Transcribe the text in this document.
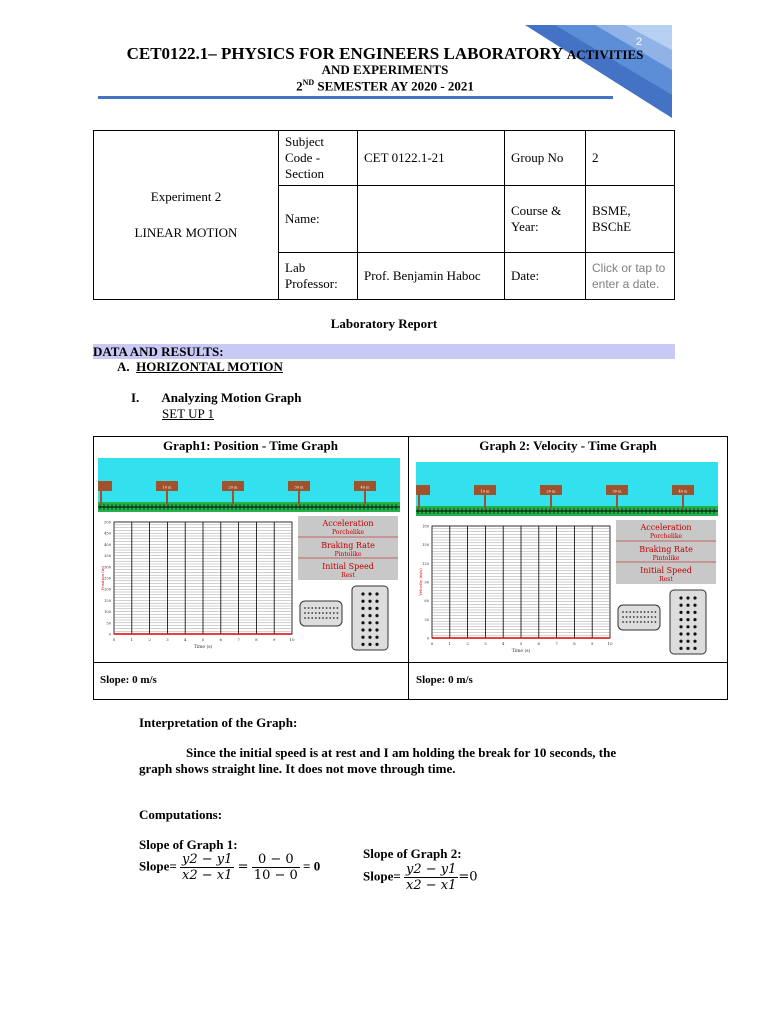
2
CET0122.1– PHYSICS FOR ENGINEERS LABORATORY ACTIVITIES
AND EXPERIMENTS
2ND SEMESTER AY 2020 - 2021
Experiment 2
LINEAR MOTION	Subject Code - Section	CET 0122.1-21	Group No	2
	Name:		Course & Year:	BSME, BSChE
	Lab Professor:	Prof. Benjamin Haboc	Date:	Click or tap to enter a date.
Laboratory Report
DATA AND RESULTS:
A. HORIZONTAL MOTION
I. Analyzing Motion Graph
SET UP 1
Graph1: Position - Time Graph	Graph 2: Velocity - Time Graph
10 m	20 m	30 m	40 m
0	1	2	3	4	5	6	7	8	9	10
Time (s)
0
50
100
150
200
250
300
350
400
450
500
Position (m)
Acceleration
Porchelike
Braking Rate
Pintolike
Initial Speed
Rest
10 m	20 m	30 m	40 m
0	1	2	3	4	5	6	7	8	9	10
Time (s)
0
30
60
90
120
150
180
Velocity (m/s)
Acceleration
Porchelike
Braking Rate
Pintolike
Initial Speed
Rest
Slope: 0 m/s	Slope: 0 m/s
Interpretation of the Graph:
Since the initial speed is at rest and I am holding the break for 10 seconds, the
graph shows straight line. It does not move through time.
Computations:
Slope of Graph 1:
Slope= $\frac{y2 - y1}{x2 - x1} = \frac{0 - 0}{10 - 0} = 0$
Slope of Graph 2:
Slope= $\frac{y2 - y1}{x2 - x1} =0$
